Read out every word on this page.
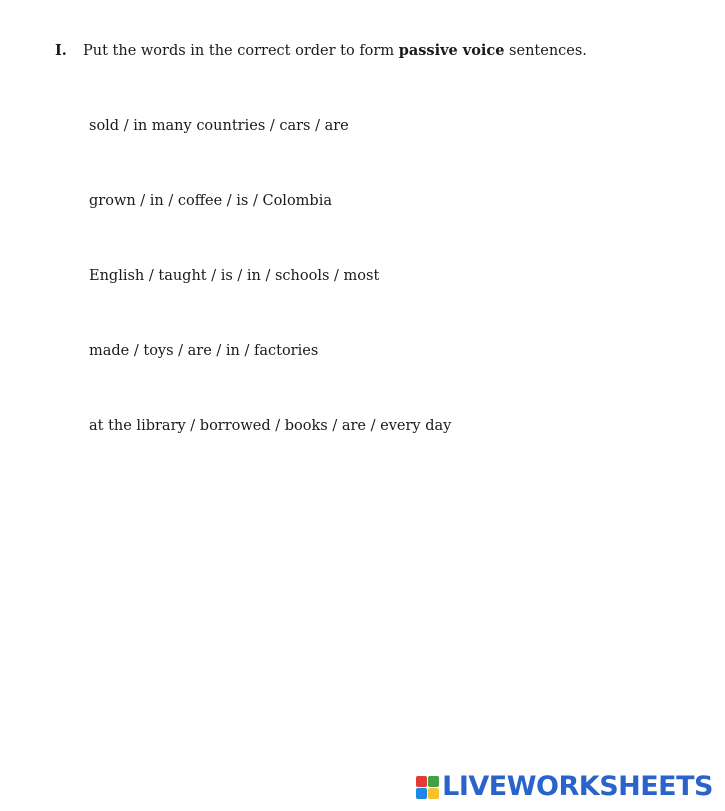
I. Put the words in the correct order to form passive voice sentences.
sold / in many countries / cars / are
grown / in / coffee / is / Colombia
English / taught / is / in / schools / most
made / toys / are / in / factories
at the library / borrowed / books / are / every day
LIVEWORKSHEETS
